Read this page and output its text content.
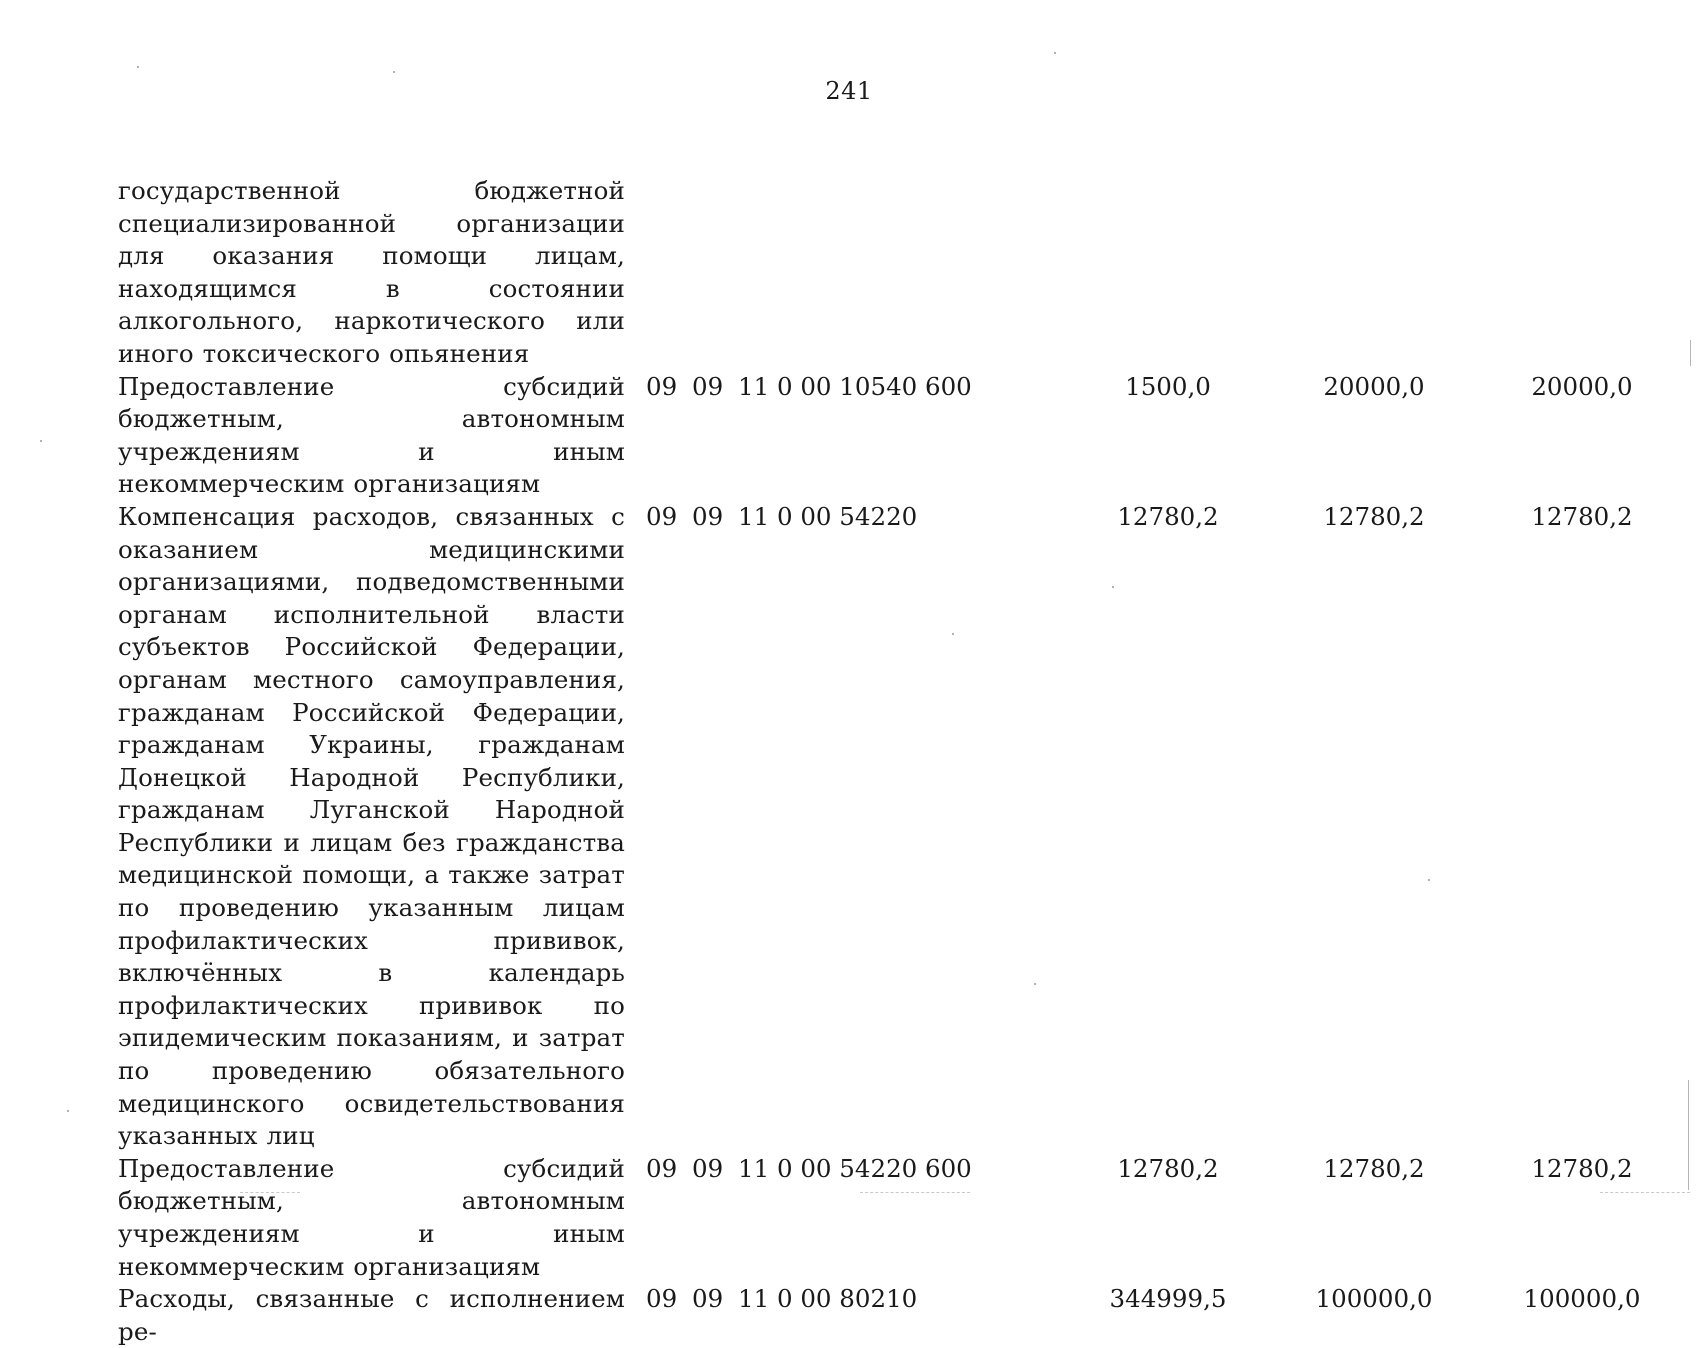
241
государственной бюджетной специализированной организации для оказания помощи лицам, находящимся в состоянии алкогольного, наркотического или иного токсического опьянения
Предоставление субсидий бюджетным, автономным учреждениям и иным некоммерческим организациям
09 09 11 0 00 10540 600	1500,0	20000,0	20000,0
Компенсация расходов, связанных с оказанием медицинскими организациями, подведомственными органам исполнительной власти субъектов Российской Федерации, органам местного самоуправления, гражданам Российской Федерации, гражданам Украины, гражданам Донецкой Народной Республики, гражданам Луганской Народной Республики и лицам без гражданства медицинской помощи, а также затрат по проведению указанным лицам профилактических прививок, включённых в календарь профилактических прививок по эпидемическим показаниям, и затрат по проведению обязательного медицинского освидетельствования указанных лиц
09 09 11 0 00 54220	12780,2	12780,2	12780,2
Предоставление субсидий бюджетным, автономным учреждениям и иным некоммерческим организациям
09 09 11 0 00 54220 600	12780,2	12780,2	12780,2
Расходы, связанные с исполнением ре-
09 09 11 0 00 80210	344999,5	100000,0	100000,0
